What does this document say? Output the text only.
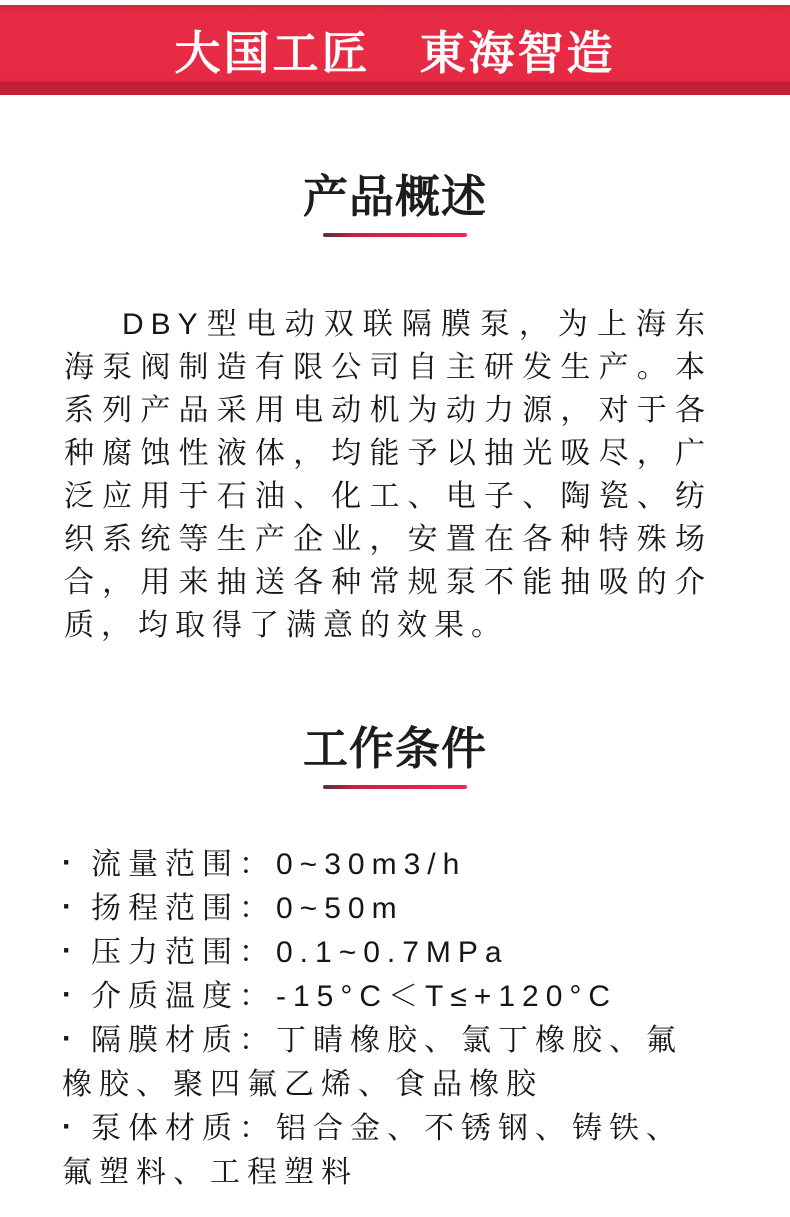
大国工匠　東海智造
产品概述

DBY型电动双联隔膜泵，为上海东海泵阀制造有限公司自主研发生产。本系列产品采用电动机为动力源，对于各种腐蚀性液体，均能予以抽光吸尽，广泛应用于石油、化工、电子、陶瓷、纺织系统等生产企业，安置在各种特殊场合，用来抽送各种常规泵不能抽吸的介质，均取得了满意的效果。

工作条件
· 流量范围：0~30m3/h
· 扬程范围：0~50m
· 压力范围：0.1~0.7MPa
· 介质温度：-15°C＜T≤+120°C
· 隔膜材质：丁睛橡胶、氯丁橡胶、氟橡胶、聚四氟乙烯、食品橡胶
· 泵体材质：铝合金、不锈钢、铸铁、氟塑料、工程塑料
